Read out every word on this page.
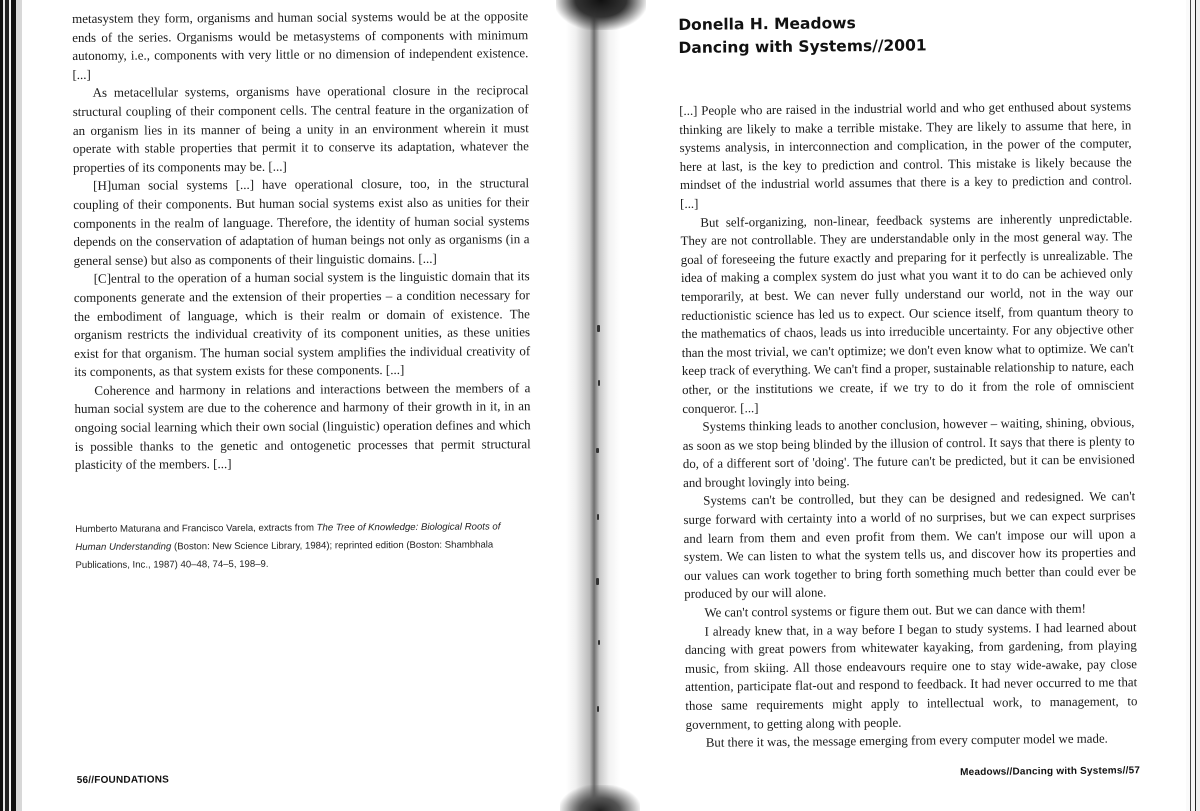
metasystem they form, organisms and human social systems would be at the opposite ends of the series. Organisms would be metasystems of components with minimum autonomy, i.e., components with very little or no dimension of independent existence. [...]

As metacellular systems, organisms have operational closure in the reciprocal structural coupling of their component cells. The central feature in the organization of an organism lies in its manner of being a unity in an environment wherein it must operate with stable properties that permit it to conserve its adaptation, whatever the properties of its components may be. [...]

[H]uman social systems [...] have operational closure, too, in the structural coupling of their components. But human social systems exist also as unities for their components in the realm of language. Therefore, the identity of human social systems depends on the conservation of adaptation of human beings not only as organisms (in a general sense) but also as components of their linguistic domains. [...]

[C]entral to the operation of a human social system is the linguistic domain that its components generate and the extension of their properties – a condition necessary for the embodiment of language, which is their realm or domain of existence. The organism restricts the individual creativity of its component unities, as these unities exist for that organism. The human social system amplifies the individual creativity of its components, as that system exists for these components. [...]

Coherence and harmony in relations and interactions between the members of a human social system are due to the coherence and harmony of their growth in it, in an ongoing social learning which their own social (linguistic) operation defines and which is possible thanks to the genetic and ontogenetic processes that permit structural plasticity of the members. [...]

Humberto Maturana and Francisco Varela, extracts from The Tree of Knowledge: Biological Roots of Human Understanding (Boston: New Science Library, 1984); reprinted edition (Boston: Shambhala Publications, Inc., 1987) 40–48, 74–5, 198–9.

56//FOUNDATIONS
Donella H. Meadows
Dancing with Systems//2001

[...] People who are raised in the industrial world and who get enthused about systems thinking are likely to make a terrible mistake. They are likely to assume that here, in systems analysis, in interconnection and complication, in the power of the computer, here at last, is the key to prediction and control. This mistake is likely because the mindset of the industrial world assumes that there is a key to prediction and control. [...]

But self-organizing, non-linear, feedback systems are inherently unpredictable. They are not controllable. They are understandable only in the most general way. The goal of foreseeing the future exactly and preparing for it perfectly is unrealizable. The idea of making a complex system do just what you want it to do can be achieved only temporarily, at best. We can never fully understand our world, not in the way our reductionistic science has led us to expect. Our science itself, from quantum theory to the mathematics of chaos, leads us into irreducible uncertainty. For any objective other than the most trivial, we can't optimize; we don't even know what to optimize. We can't keep track of everything. We can't find a proper, sustainable relationship to nature, each other, or the institutions we create, if we try to do it from the role of omniscient conqueror. [...]

Systems thinking leads to another conclusion, however – waiting, shining, obvious, as soon as we stop being blinded by the illusion of control. It says that there is plenty to do, of a different sort of 'doing'. The future can't be predicted, but it can be envisioned and brought lovingly into being.

Systems can't be controlled, but they can be designed and redesigned. We can't surge forward with certainty into a world of no surprises, but we can expect surprises and learn from them and even profit from them. We can't impose our will upon a system. We can listen to what the system tells us, and discover how its properties and our values can work together to bring forth something much better than could ever be produced by our will alone.

We can't control systems or figure them out. But we can dance with them!

I already knew that, in a way before I began to study systems. I had learned about dancing with great powers from whitewater kayaking, from gardening, from playing music, from skiing. All those endeavours require one to stay wide-awake, pay close attention, participate flat-out and respond to feedback. It had never occurred to me that those same requirements might apply to intellectual work, to management, to government, to getting along with people.

But there it was, the message emerging from every computer model we made.

Meadows//Dancing with Systems//57
